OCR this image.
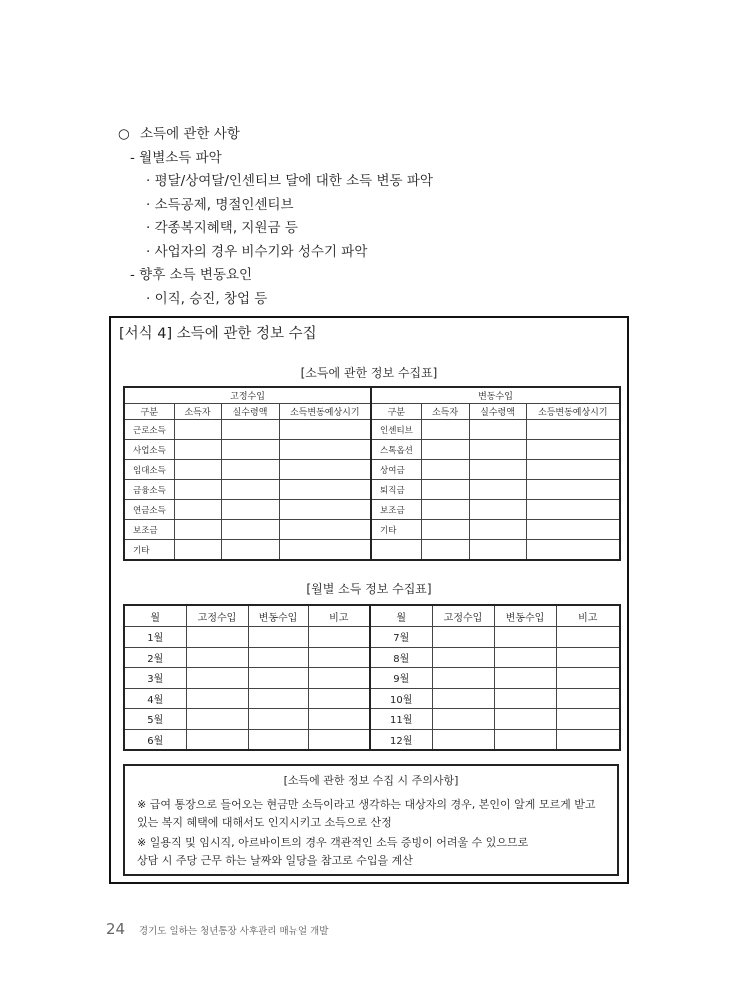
○ 소득에 관한 사항
- 월별소득 파악
· 평달/상여달/인센티브 달에 대한 소득 변동 파악
· 소득공제, 명절인센티브
· 각종복지혜택, 지원금 등
· 사업자의 경우 비수기와 성수기 파악
- 향후 소득 변동요인
· 이직, 승진, 창업 등
[서식 4] 소득에 관한 정보 수집
[소득에 관한 정보 수집표]
고정수입				변동수입			
구분	소득자	실수령액	소득변동예상시기	구분	소득자	실수령액	소등변동예상시기
근로소득				인센티브			
사업소득				스톡옵션			
임대소득				상여금			
금융소득				퇴직금			
연금소득				보조금			
보조금				기타			
기타							
[월별 소득 정보 수집표]
월	고정수입	변동수입	비고	월	고정수입	변동수입	비고
1월				7월			
2월				8월			
3월				9월			
4월				10월			
5월				11월			
6월				12월			
[소득에 관한 정보 수집 시 주의사항]
※ 급여 통장으로 들어오는 현금만 소득이라고 생각하는 대상자의 경우, 본인이 알게 모르게 받고
있는 복지 혜택에 대해서도 인지시키고 소득으로 산정
※ 일용직 및 임시직, 아르바이트의 경우 객관적인 소득 증빙이 어려울 수 있으므로
상담 시 주당 근무 하는 날짜와 일당을 참고로 수입을 계산
24 경기도 일하는 청년통장 사후관리 매뉴얼 개발
